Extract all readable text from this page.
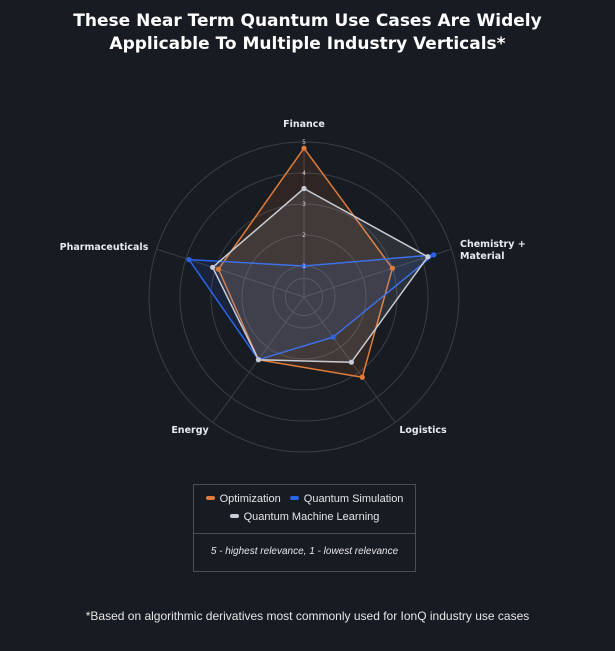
These Near Term Quantum Use Cases Are Widely
Applicable To Multiple Industry Verticals*
1
2
3
4
5
Finance
Chemistry + Material
Logistics
Energy
Pharmaceuticals
Optimization Quantum Simulation
Quantum Machine Learning
5 - highest relevance, 1 - lowest relevance
*Based on algorithmic derivatives most commonly used for IonQ industry use cases
